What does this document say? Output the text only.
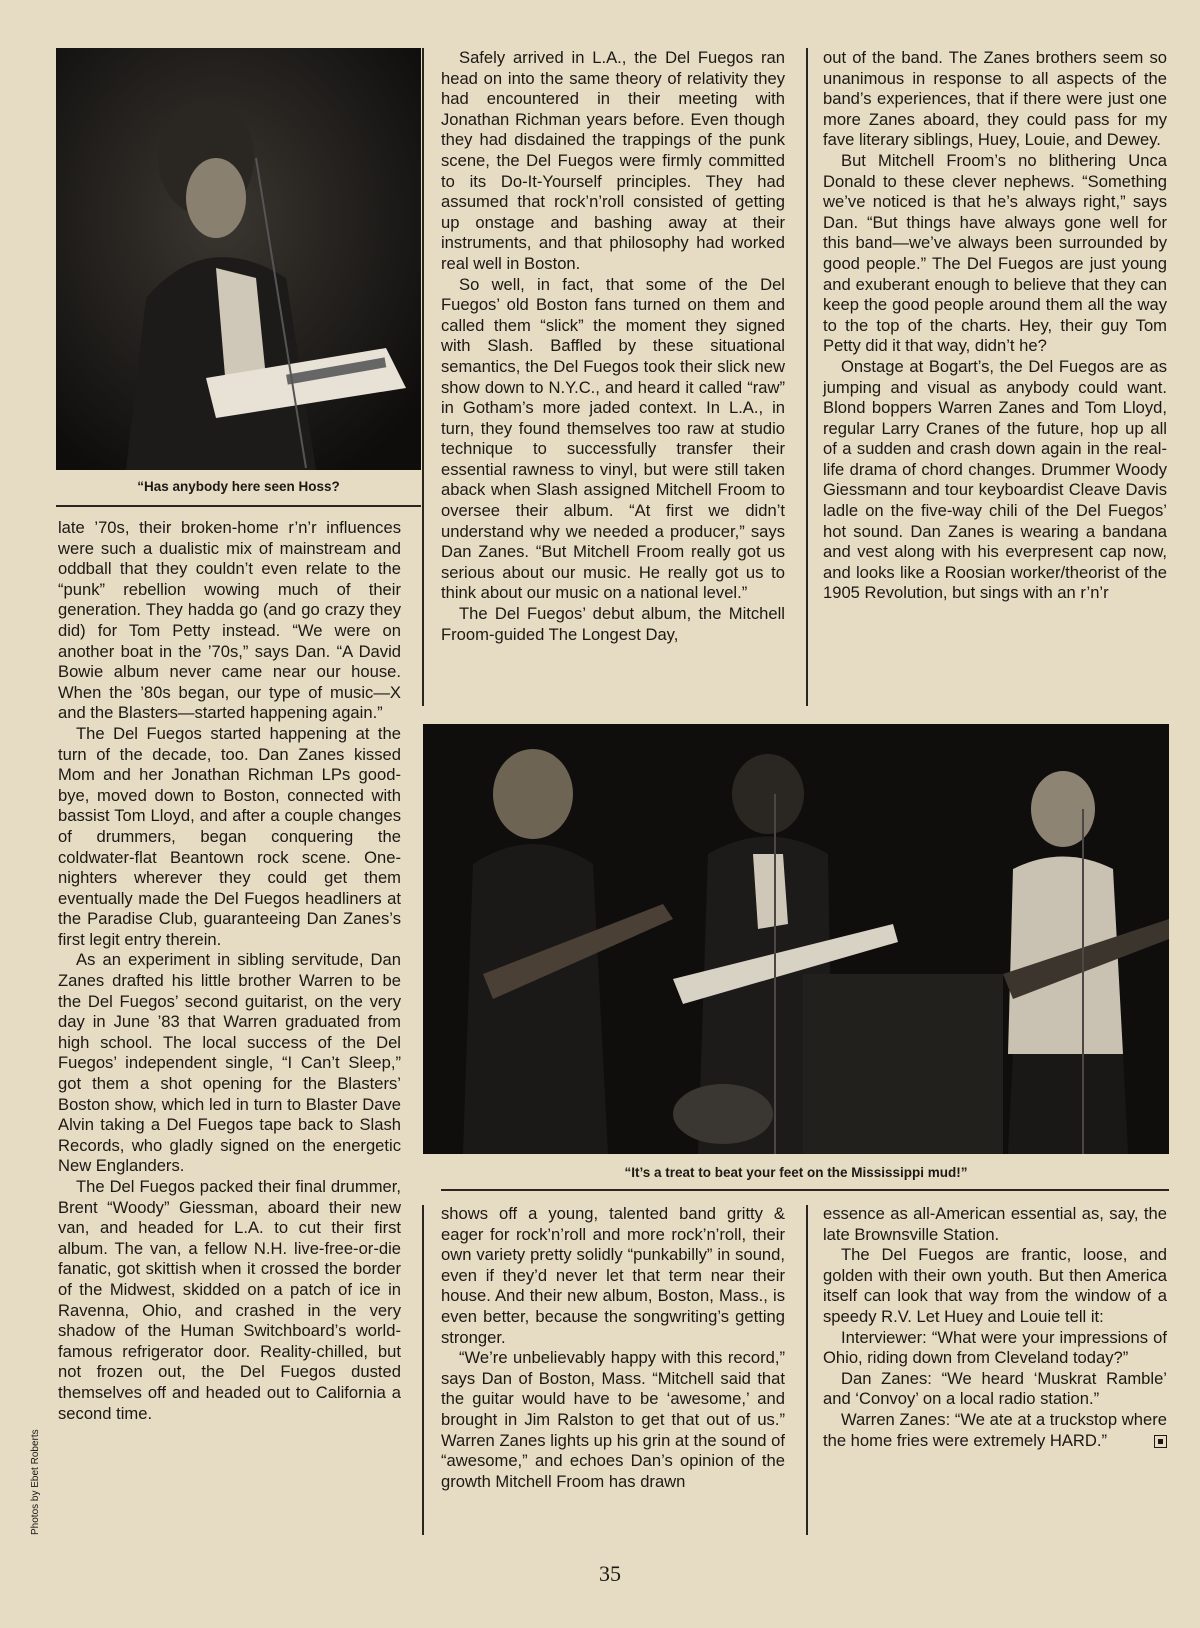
“Has anybody here seen Hoss?

late ’70s, their broken-home r’n’r influences were such a dualistic mix of mainstream and oddball that they couldn’t even relate to the “punk” rebellion wowing much of their generation. They hadda go (and go crazy they did) for Tom Petty instead. “We were on another boat in the ’70s,” says Dan. “A David Bowie album never came near our house. When the ’80s began, our type of music—X and the Blasters—started happening again.”

The Del Fuegos started happening at the turn of the decade, too. Dan Zanes kissed Mom and her Jonathan Richman LPs good-bye, moved down to Boston, connected with bassist Tom Lloyd, and after a couple changes of drummers, began conquering the coldwater-flat Beantown rock scene. One-nighters wherever they could get them eventually made the Del Fuegos headliners at the Paradise Club, guaranteeing Dan Zanes’s first legit entry therein.

As an experiment in sibling servitude, Dan Zanes drafted his little brother Warren to be the Del Fuegos’ second guitarist, on the very day in June ’83 that Warren graduated from high school. The local success of the Del Fuegos’ independent single, “I Can’t Sleep,” got them a shot opening for the Blasters’ Boston show, which led in turn to Blaster Dave Alvin taking a Del Fuegos tape back to Slash Records, who gladly signed on the energetic New Englanders.

The Del Fuegos packed their final drummer, Brent “Woody” Giessman, aboard their new van, and headed for L.A. to cut their first album. The van, a fellow N.H. live-free-or-die fanatic, got skittish when it crossed the border of the Midwest, skidded on a patch of ice in Ravenna, Ohio, and crashed in the very shadow of the Human Switchboard’s world-famous refrigerator door. Reality-chilled, but not frozen out, the Del Fuegos dusted themselves off and headed out to California a second time.

Safely arrived in L.A., the Del Fuegos ran head on into the same theory of relativity they had encountered in their meeting with Jonathan Richman years before. Even though they had disdained the trappings of the punk scene, the Del Fuegos were firmly committed to its Do-It-Yourself principles. They had assumed that rock’n’roll consisted of getting up onstage and bashing away at their instruments, and that philosophy had worked real well in Boston.

So well, in fact, that some of the Del Fuegos’ old Boston fans turned on them and called them “slick” the moment they signed with Slash. Baffled by these situational semantics, the Del Fuegos took their slick new show down to N.Y.C., and heard it called “raw” in Gotham’s more jaded context. In L.A., in turn, they found themselves too raw at studio technique to successfully transfer their essential rawness to vinyl, but were still taken aback when Slash assigned Mitchell Froom to oversee their album. “At first we didn’t understand why we needed a producer,” says Dan Zanes. “But Mitchell Froom really got us serious about our music. He really got us to think about our music on a national level.”

The Del Fuegos’ debut album, the Mitchell Froom-guided The Longest Day,

out of the band. The Zanes brothers seem so unanimous in response to all aspects of the band’s experiences, that if there were just one more Zanes aboard, they could pass for my fave literary siblings, Huey, Louie, and Dewey.

But Mitchell Froom’s no blithering Unca Donald to these clever nephews. “Something we’ve noticed is that he’s always right,” says Dan. “But things have always gone well for this band—we’ve always been surrounded by good people.” The Del Fuegos are just young and exuberant enough to believe that they can keep the good people around them all the way to the top of the charts. Hey, their guy Tom Petty did it that way, didn’t he?

Onstage at Bogart’s, the Del Fuegos are as jumping and visual as anybody could want. Blond boppers Warren Zanes and Tom Lloyd, regular Larry Cranes of the future, hop up all of a sudden and crash down again in the real-life drama of chord changes. Drummer Woody Giessmann and tour keyboardist Cleave Davis ladle on the five-way chili of the Del Fuegos’ hot sound. Dan Zanes is wearing a bandana and vest along with his everpresent cap now, and looks like a Roosian worker/theorist of the 1905 Revolution, but sings with an r’n’r

“It’s a treat to beat your feet on the Mississippi mud!”

shows off a young, talented band gritty & eager for rock’n’roll and more rock’n’roll, their own variety pretty solidly “punkabilly” in sound, even if they’d never let that term near their house. And their new album, Boston, Mass., is even better, because the songwriting’s getting stronger.

“We’re unbelievably happy with this record,” says Dan of Boston, Mass. “Mitchell said that the guitar would have to be ‘awesome,’ and brought in Jim Ralston to get that out of us.” Warren Zanes lights up his grin at the sound of “awesome,” and echoes Dan’s opinion of the growth Mitchell Froom has drawn

essence as all-American essential as, say, the late Brownsville Station.

The Del Fuegos are frantic, loose, and golden with their own youth. But then America itself can look that way from the window of a speedy R.V. Let Huey and Louie tell it:

Interviewer: “What were your impressions of Ohio, riding down from Cleveland today?”

Dan Zanes: “We heard ‘Muskrat Ramble’ and ‘Convoy’ on a local radio station.”

Warren Zanes: “We ate at a truckstop where the home fries were extremely HARD.”

Photos by Ebet Roberts
35
